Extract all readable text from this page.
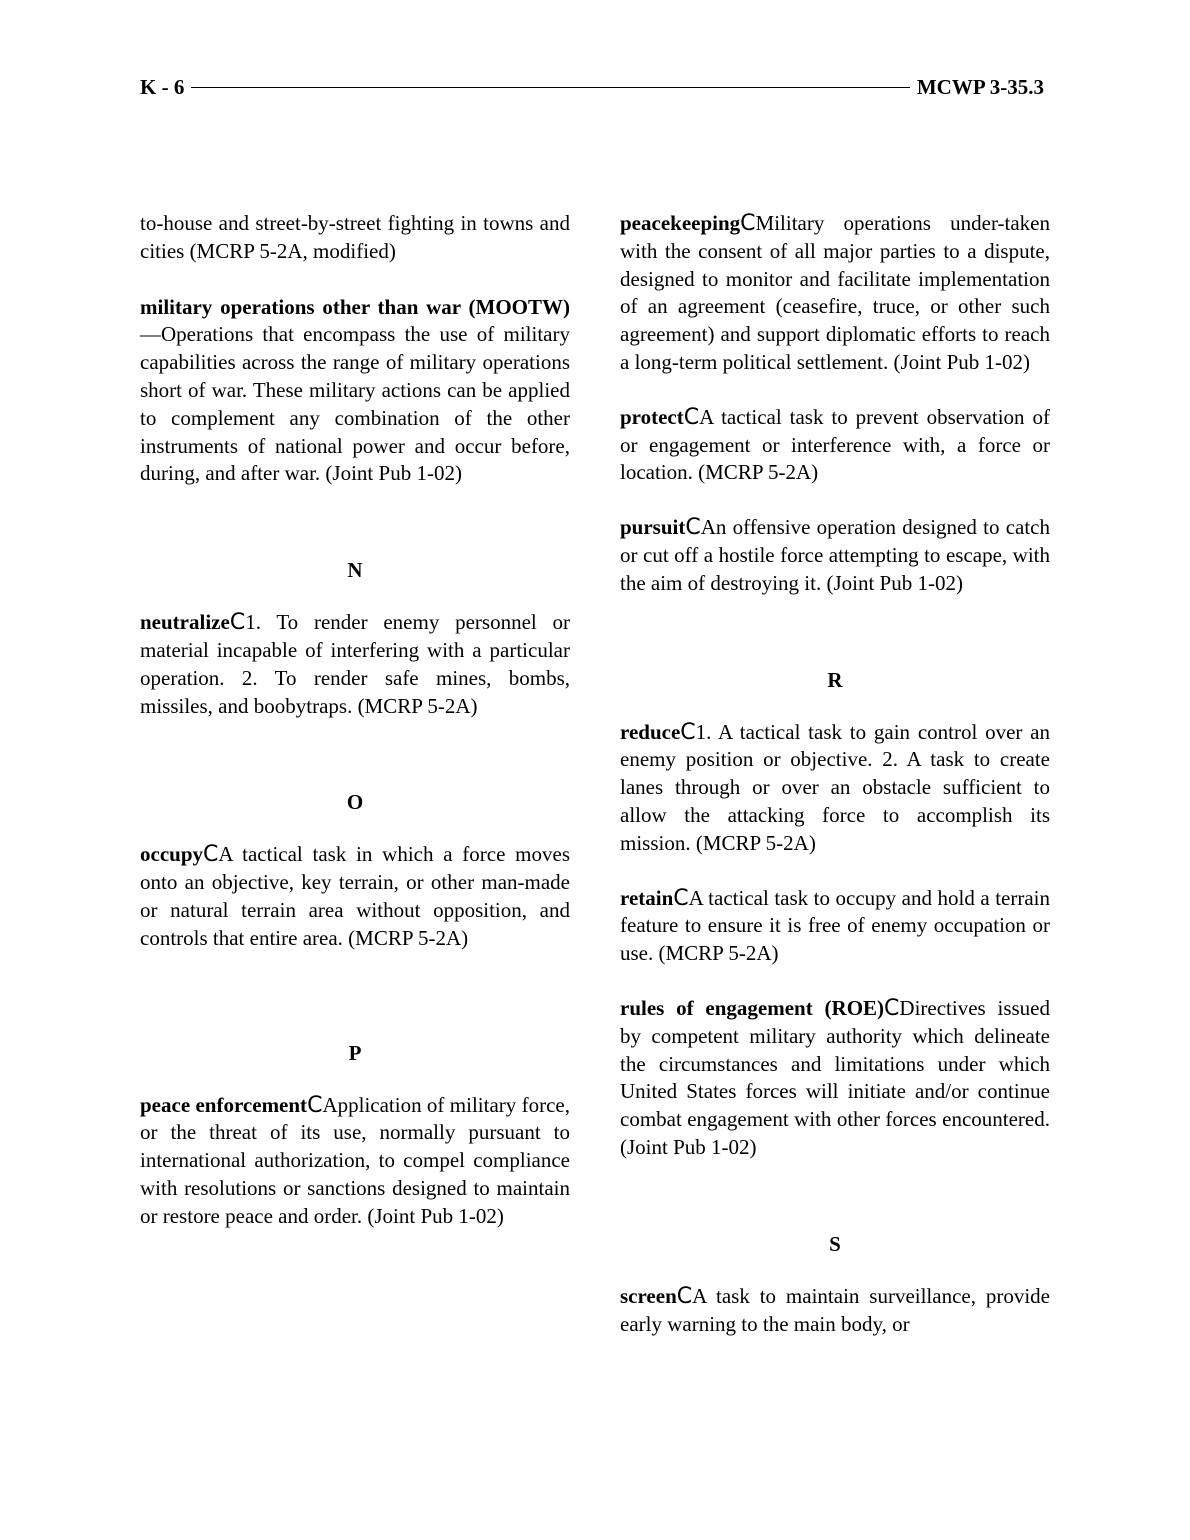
K - 6	MCWP 3-35.3

to-house and street-by-street fighting in towns and cities (MCRP 5-2A, modified)

military operations other than war (MOOTW)—Operations that encompass the use of military capabilities across the range of military operations short of war. These military actions can be applied to complement any combination of the other instruments of national power and occur before, during, and after war. (Joint Pub 1-02)

N

neutralizeC1. To render enemy personnel or material incapable of interfering with a particular operation. 2. To render safe mines, bombs, missiles, and boobytraps. (MCRP 5-2A)

O

occupyCA tactical task in which a force moves onto an objective, key terrain, or other man-made or natural terrain area without opposition, and controls that entire area. (MCRP 5-2A)

P

peace enforcementCApplication of military force, or the threat of its use, normally pursuant to international authorization, to compel compliance with resolutions or sanctions designed to maintain or restore peace and order. (Joint Pub 1-02)

peacekeepingCMilitary operations under-taken with the consent of all major parties to a dispute, designed to monitor and facilitate implementation of an agreement (ceasefire, truce, or other such agreement) and support diplomatic efforts to reach a long-term political settlement. (Joint Pub 1-02)

protectCA tactical task to prevent observation of or engagement or interference with, a force or location. (MCRP 5-2A)

pursuitCAn offensive operation designed to catch or cut off a hostile force attempting to escape, with the aim of destroying it. (Joint Pub 1-02)

R

reduceC1. A tactical task to gain control over an enemy position or objective. 2. A task to create lanes through or over an obstacle sufficient to allow the attacking force to accomplish its mission. (MCRP 5-2A)

retainCA tactical task to occupy and hold a terrain feature to ensure it is free of enemy occupation or use. (MCRP 5-2A)

rules of engagement (ROE)CDirectives issued by competent military authority which delineate the circumstances and limitations under which United States forces will initiate and/or continue combat engagement with other forces encountered. (Joint Pub 1-02)

S

screenCA task to maintain surveillance, provide early warning to the main body, or
